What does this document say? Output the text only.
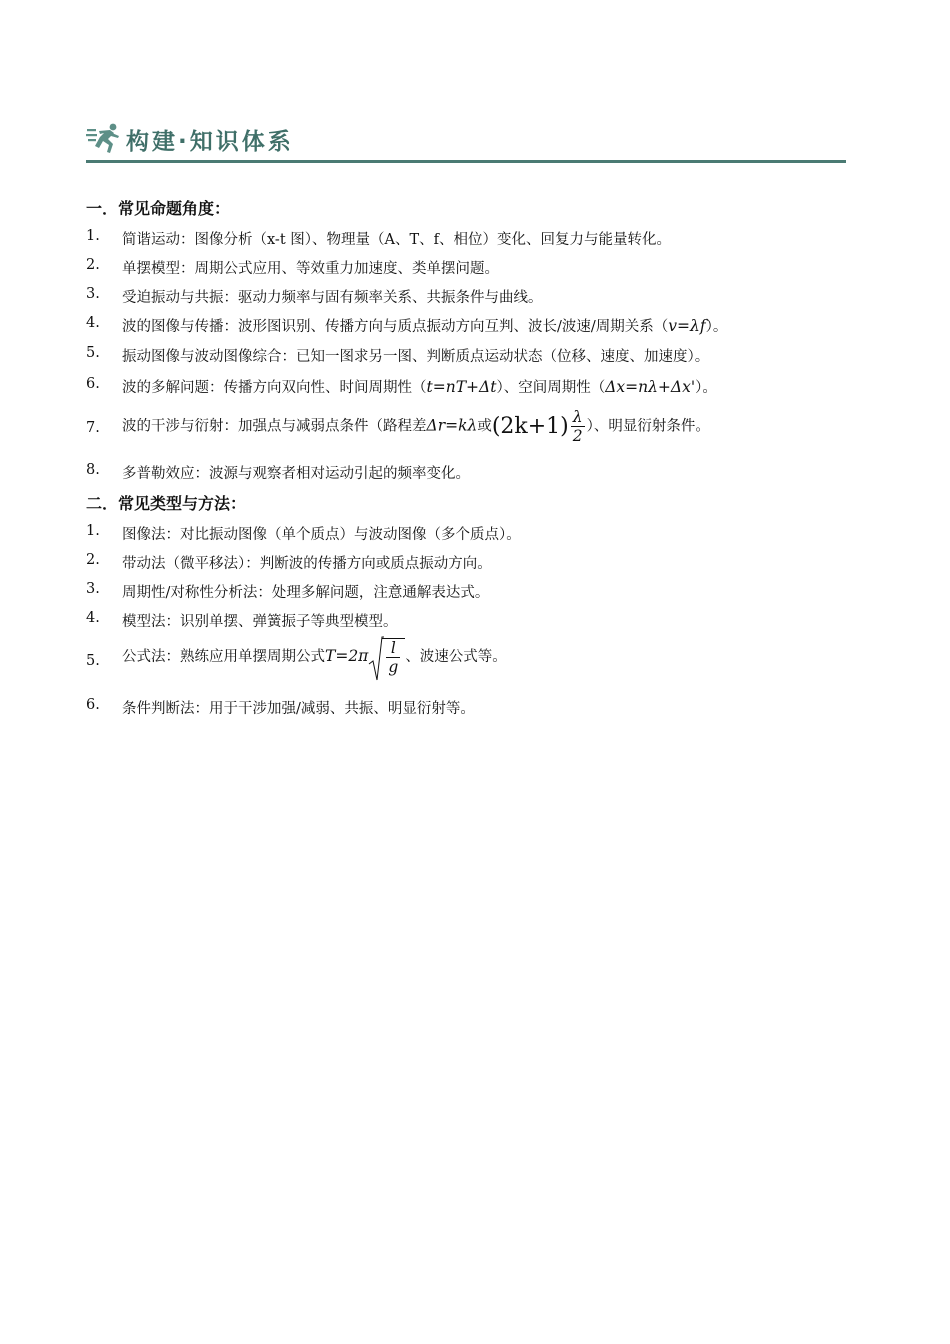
构建·知识体系
一．常见命题角度：
1.	简谐运动：图像分析（x-t 图）、物理量（A、T、f、相位）变化、回复力与能量转化。
2.	单摆模型：周期公式应用、等效重力加速度、类单摆问题。
3.	受迫振动与共振：驱动力频率与固有频率关系、共振条件与曲线。
4.	波的图像与传播：波形图识别、传播方向与质点振动方向互判、波长/波速/周期关系（v=λf）。
5.	振动图像与波动图像综合：已知一图求另一图、判断质点运动状态（位移、速度、加速度）。
6.	波的多解问题：传播方向双向性、时间周期性（t=nT+Δt）、空间周期性（Δx=nλ+Δx'）。
7.	波的干涉与衍射：加强点与减弱点条件（路程差Δr=kλ或$(2k+1) \frac{\lambda}{2}$ ）、明显衍射条件。
8.	多普勒效应：波源与观察者相对运动引起的频率变化。
二．常见类型与方法：
1.	图像法：对比振动图像（单个质点）与波动图像（多个质点）。
2.	带动法（微平移法）：判断波的传播方向或质点振动方向。
3.	周期性/对称性分析法：处理多解问题，注意通解表达式。
4.	模型法：识别单摆、弹簧振子等典型模型。
5.	公式法：熟练应用单摆周期公式$T=2\pi \frac{l}{g}$ 、波速公式等。
6.	条件判断法：用于干涉加强/减弱、共振、明显衍射等。
